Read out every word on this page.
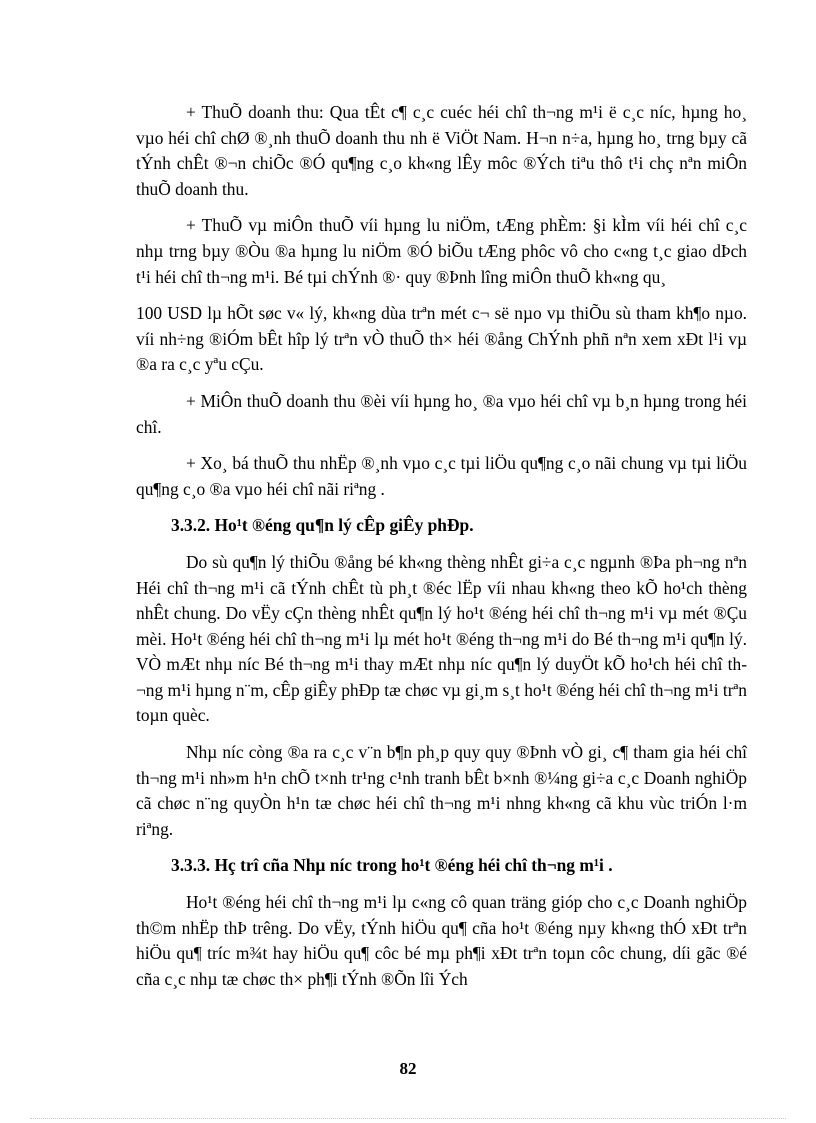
+ ThuÕ doanh thu: Qua tÊt c¶ c¸c cuéc héi chî th¬ng m¹i ë c¸c níc, hµng ho¸ vµo héi chî chØ ®¸nh thuÕ doanh thu nh ë ViÖt Nam. H¬n n÷a, hµng ho¸ trng bµy cã tÝnh chÊt ®¬n chiÕc ®Ó qu¶ng c¸o kh«ng lÊy môc ®Ých tiªu thô t¹i chç nªn miÔn thuÕ doanh thu.

+ ThuÕ vµ miÔn thuÕ víi hµng lu niÖm, tÆng phÈm: §i kÌm víi héi chî c¸c nhµ trng bµy ®Òu ®a hµng lu niÖm ®Ó biÕu tÆng phôc vô cho c«ng t¸c giao dÞch t¹i héi chî th¬ng m¹i. Bé tµi chÝnh ®· quy ®Þnh lîng miÔn thuÕ kh«ng qu¸

100 USD lµ hÕt søc v« lý, kh«ng dùa trªn mét c¬ së nµo vµ thiÕu sù tham kh¶o nµo. víi nh÷ng ®iÓm bÊt hîp lý trªn vÒ thuÕ th× héi ®ång ChÝnh phñ nªn xem xÐt l¹i vµ ®a ra c¸c yªu cÇu.

+ MiÔn thuÕ doanh thu ®èi víi hµng ho¸ ®a vµo héi chî vµ b¸n hµng trong héi chî.

+ Xo¸ bá thuÕ thu nhËp ®¸nh vµo c¸c tµi liÖu qu¶ng c¸o nãi chung vµ tµi liÖu qu¶ng c¸o ®a vµo héi chî nãi riªng .

3.3.2. Ho¹t ®éng qu¶n lý cÊp giÊy phÐp.

Do sù qu¶n lý thiÕu ®ång bé kh«ng thèng nhÊt gi÷a c¸c ngµnh ®Þa ph¬ng nªn Héi chî th¬ng m¹i cã tÝnh chÊt tù ph¸t ®éc lËp víi nhau kh«ng theo kÕ ho¹ch thèng nhÊt chung. Do vËy cÇn thèng nhÊt qu¶n lý ho¹t ®éng héi chî th¬ng m¹i vµ mét ®Çu mèi. Ho¹t ®éng héi chî th¬ng m¹i lµ mét ho¹t ®éng th¬ng m¹i do Bé th¬ng m¹i qu¶n lý. VÒ mÆt nhµ níc Bé th¬ng m¹i thay mÆt nhµ níc qu¶n lý duyÖt kÕ ho¹ch héi chî th¬ng m¹i hµng n¨m, cÊp giÊy phÐp tæ chøc vµ gi¸m s¸t ho¹t ®éng héi chî th¬ng m¹i trªn toµn quèc.

Nhµ níc còng ®a ra c¸c v¨n b¶n ph¸p quy quy ®Þnh vÒ gi¸ c¶ tham gia héi chî th¬ng m¹i nh»m h¹n chÕ t×nh tr¹ng c¹nh tranh bÊt b×nh ®¼ng gi÷a c¸c Doanh nghiÖp cã chøc n¨ng quyÒn h¹n tæ chøc héi chî th¬ng m¹i nhng kh«ng cã khu vùc triÓn l·m riªng.

3.3.3. Hç trî cña Nhµ níc trong ho¹t ®éng héi chî th¬ng m¹i .

Ho¹t ®éng héi chî th¬ng m¹i lµ c«ng cô quan träng gióp cho c¸c Doanh nghiÖp th©m nhËp thÞ trêng. Do vËy, tÝnh hiÖu qu¶ cña ho¹t ®éng nµy kh«ng thÓ xÐt trªn hiÖu qu¶ tríc m¾t hay hiÖu qu¶ côc bé mµ ph¶i xÐt trªn toµn côc chung, díi gãc ®é cña c¸c nhµ tæ chøc th× ph¶i tÝnh ®Õn lîi Ých

82
